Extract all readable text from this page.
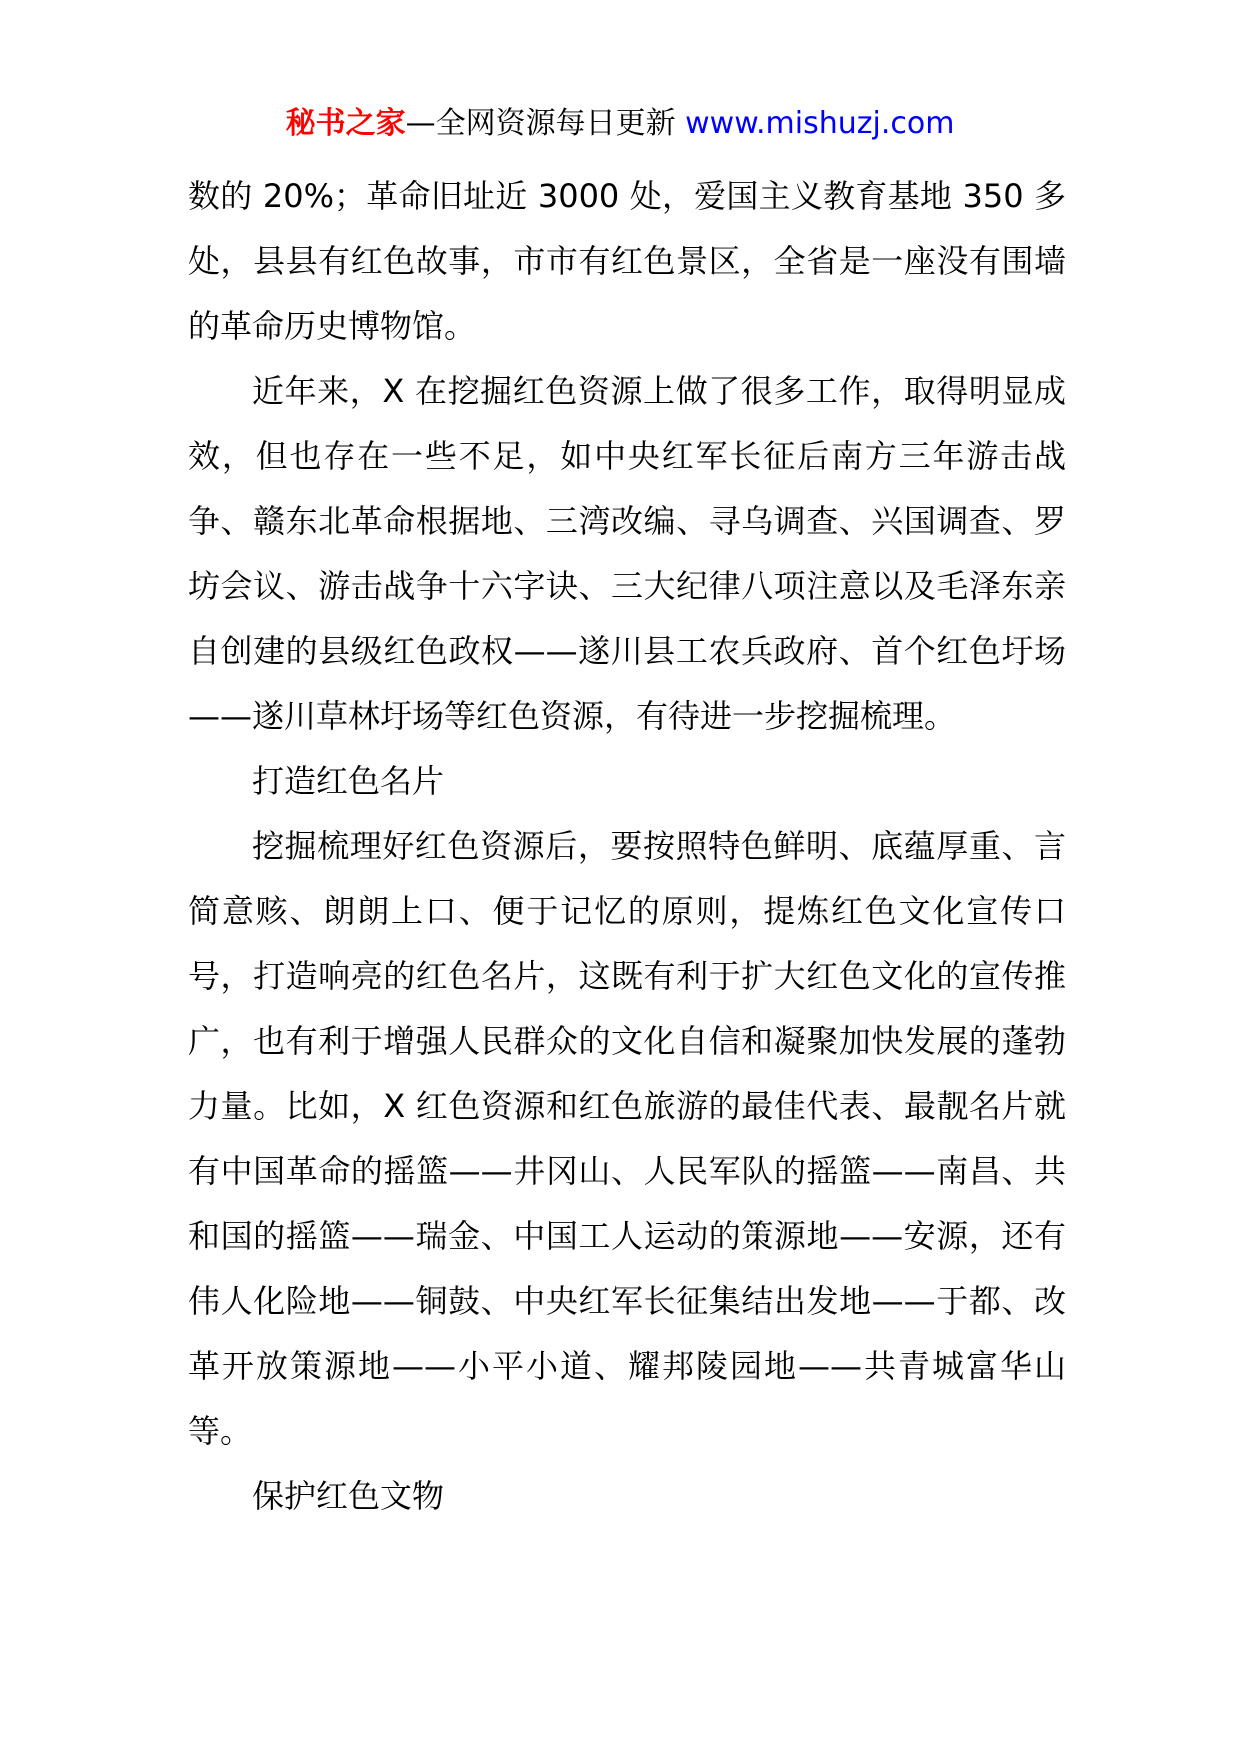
秘书之家—全网资源每日更新 www.mishuzj.com

数的 20%；革命旧址近 3000 处，爱国主义教育基地 350 多处，县县有红色故事，市市有红色景区，全省是一座没有围墙的革命历史博物馆。

近年来，X 在挖掘红色资源上做了很多工作，取得明显成效，但也存在一些不足，如中央红军长征后南方三年游击战争、赣东北革命根据地、三湾改编、寻乌调查、兴国调查、罗坊会议、游击战争十六字诀、三大纪律八项注意以及毛泽东亲自创建的县级红色政权——遂川县工农兵政府、首个红色圩场——遂川草林圩场等红色资源，有待进一步挖掘梳理。

打造红色名片

挖掘梳理好红色资源后，要按照特色鲜明、底蕴厚重、言简意赅、朗朗上口、便于记忆的原则，提炼红色文化宣传口号，打造响亮的红色名片，这既有利于扩大红色文化的宣传推广，也有利于增强人民群众的文化自信和凝聚加快发展的蓬勃力量。比如，X 红色资源和红色旅游的最佳代表、最靓名片就有中国革命的摇篮——井冈山、人民军队的摇篮——南昌、共和国的摇篮——瑞金、中国工人运动的策源地——安源，还有伟人化险地——铜鼓、中央红军长征集结出发地——于都、改革开放策源地——小平小道、耀邦陵园地——共青城富华山等。

保护红色文物
